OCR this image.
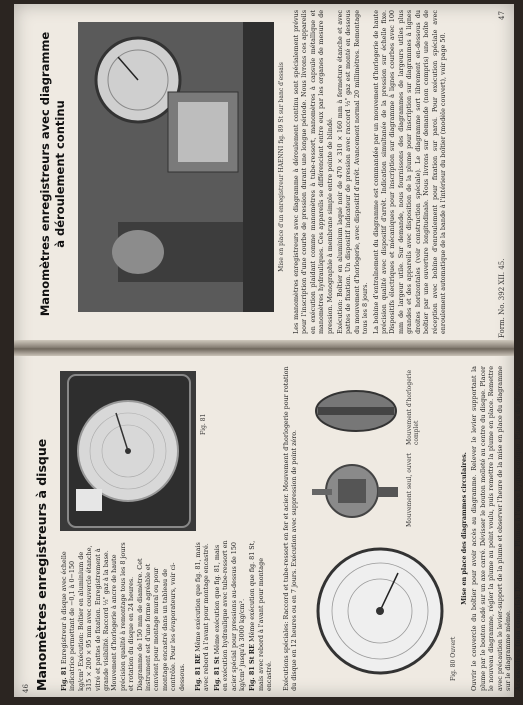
46 Manomètres enregistreurs à disque Fig. 81 Enregistreur à disque avec échelle indicatrice permettant de −0,1 à 0−150 kg/cm² Exécution: Boîtier en aluminium de 315 × 200 × 95 mm avec couvercle étanche, vitré et pattes de fixation. Enregistrement à grande visibilité. Raccord ½" gaz à la base. Mouvement d'horlogerie à ancre de haute précision qualité à remontage tous les 8 jours et rotation du disque en 24 heures. Diagramme de 150 mm de diamètre. Cet instrument est d'une forme agréable et convient pour montage mural ou pour montage encastré dans un tableau de contrôle. Pour les évaporateurs, voir ci-dessous.

Fig. 81

Fig. 81 RE Même exécution que fig. 81, mais avec rebord à l'avant pour montage encastré. Fig. 81 St Même exécution que fig. 81, mais en exécution hydraulique avec tube-ressort en acier spécial pour pressions au-dessus de 150 kg/cm² jusqu'à 3000 kg/cm². Fig. 81 St RE Même exécution que fig. 81 St, mais avec rebord à l'avant pour montage encastré. Exécutions spéciales: Raccord et tube-ressort en fer et acier. Mouvement d'horlogerie pour rotation du disque en 12 heures ou en 7 jours. Exécution avec suppression de point zéro.	Mouvement seul, ouvert
Mouvement d'horlogerie complet
Fig. 80 Ouvert

Mise en place des diagrammes circulaires. Ouvrir le couvercle du boîtier pour avoir accès au diagramme. Relever le levier supportant la plume par le bouton cadé sur un axe carré. Dévisser le bouton molleté au centre du disque. Placer le nouveau diagramme, régler la plume au point voulu, puis remettre la plume en place. Remettre avec précaution le levier-support de la plume et observer l'heure de la mise en place du diagramme sur le diagramme même. Accessoires (non compris): Diagrammes, Plumes à l'encre hygroscopique. Plumes de réserve.

Form. No. 392 XII. 45.
47
Manomètres enregistreurs avec diagramme à déroulement continu	Mise en place d'un enregistreur HAENNI fig. 89 St sur banc d'essais Les manomètres enregistreurs avec diagramme à déroulement continu sont spécialement prévus pour l'inscription d'une courbe de pression durant une longue période. Nous livrons ces appareils en exécution plaidant comme manomètres à tube-ressort, manomètres à capsule métallique et manomètres hydrauliques. Ces appareils se différencient entre eux par les organes de mesure de pression. Monographie à membrane simple entre pointe de blindé. Exécution: Boîtier en aluminium laqué noir de 470 × 310 × 160 mm à fermeture étanche et avec pattes de fixation. Un dispositif indicateur de pression avec raccord ½" gaz est monté en dessous du mouvement d'horlogerie, avec dispositif d'arrêt. Avancement normal 20 millimètres. Remontage tous les 8 jours. La bobine d'entraînement du diagramme est commandée par un mouvement d'horlogerie de haute précision qualité avec dispositif d'arrêt. Indication simultanée de la pression sur échelle fixe. Dispositifs électriques et mécaniques pour inscription sur diagramme à lignes courbes avec 100 mm de largeur utile. Sur demande, nous fournissons des diagrammes de largeurs utiles plus grandes et des appareils avec disposition de la plume pour inscription sur diagrammes à lignes droites horizontales (voir construction spéciale). Le diagramme sort librement en-dessous du boîtier par une ouverture longitudinale. Nous livrons sur demande (non compris) une boîte de réception avec bobine d'enroulement pour fixation sur paroi. Pour exécution spéciale avec enroulement automatique de la bande à l'intérieur du boîtier (modèle couvert), voir page 50.
